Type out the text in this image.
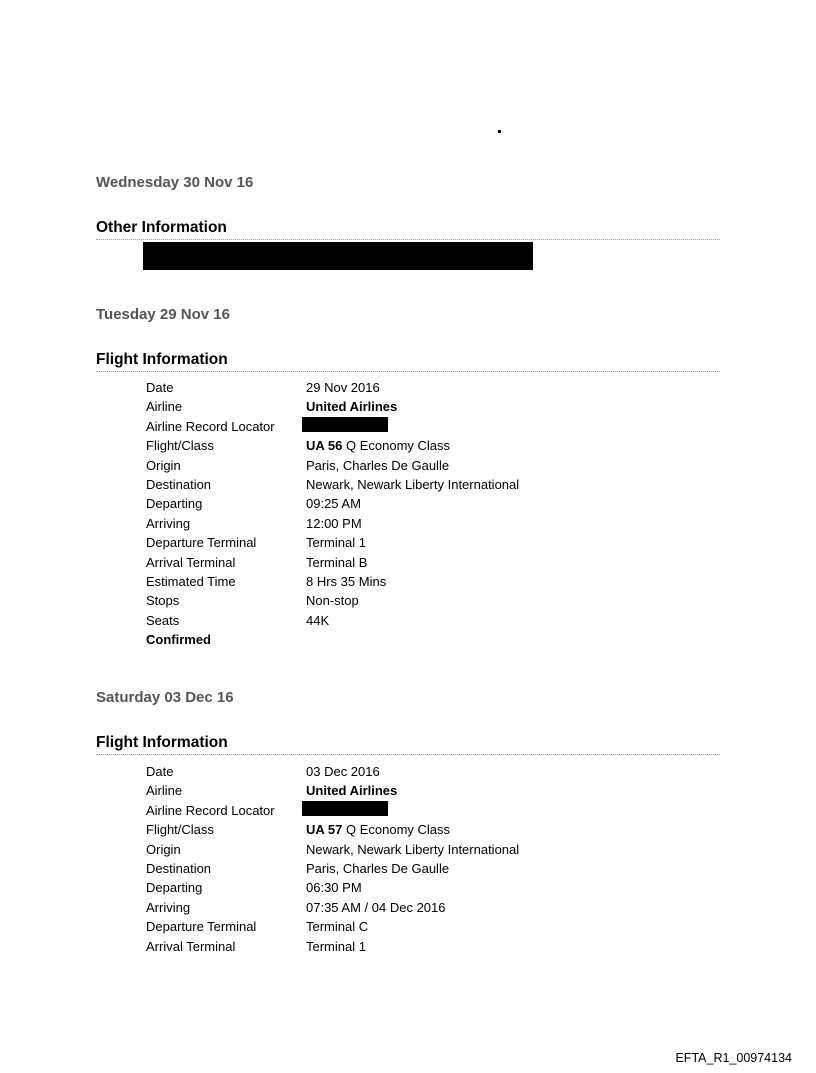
Wednesday 30 Nov 16
Other Information
Tuesday 29 Nov 16
Flight Information
Date	29 Nov 2016
Airline	United Airlines
Airline Record Locator
Flight/Class	UA 56 Q Economy Class
Origin	Paris, Charles De Gaulle
Destination	Newark, Newark Liberty International
Departing	09:25 AM
Arriving	12:00 PM
Departure Terminal	Terminal 1
Arrival Terminal	Terminal B
Estimated Time	8 Hrs 35 Mins
Stops	Non-stop
Seats	44K
Confirmed
Saturday 03 Dec 16
Flight Information
Date	03 Dec 2016
Airline	United Airlines
Airline Record Locator
Flight/Class	UA 57 Q Economy Class
Origin	Newark, Newark Liberty International
Destination	Paris, Charles De Gaulle
Departing	06:30 PM
Arriving	07:35 AM / 04 Dec 2016
Departure Terminal	Terminal C
Arrival Terminal	Terminal 1
EFTA_R1_00974134
